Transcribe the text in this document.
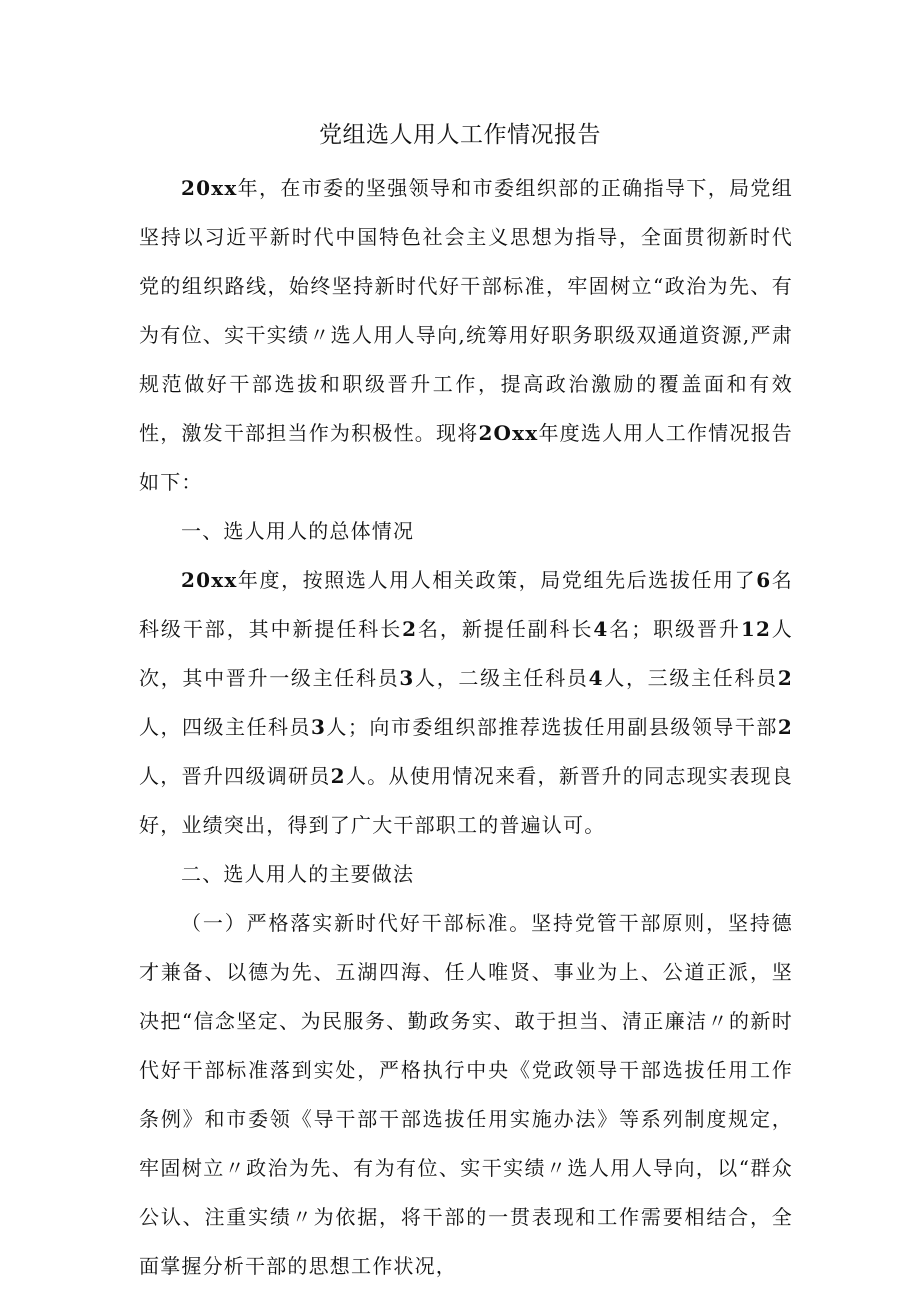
党组选人用人工作情况报告

20xx年，在市委的坚强领导和市委组织部的正确指导下，局党组坚持以习近平新时代中国特色社会主义思想为指导，全面贯彻新时代党的组织路线，始终坚持新时代好干部标准，牢固树立“政治为先、有为有位、实干实绩〃选人用人导向,统筹用好职务职级双通道资源,严肃规范做好干部选拔和职级晋升工作，提高政治激励的覆盖面和有效性，激发干部担当作为积极性。现将2Oxx年度选人用人工作情况报告如下：

一、选人用人的总体情况

20xx年度，按照选人用人相关政策，局党组先后选拔任用了6名科级干部，其中新提任科长2名，新提任副科长4名；职级晋升12人次，其中晋升一级主任科员3人，二级主任科员4人，三级主任科员2人，四级主任科员3人；向市委组织部推荐选拔任用副县级领导干部2人，晋升四级调研员2人。从使用情况来看，新晋升的同志现实表现良好，业绩突出，得到了广大干部职工的普遍认可。

二、选人用人的主要做法

（一）严格落实新时代好干部标准。坚持党管干部原则，坚持德才兼备、以德为先、五湖四海、任人唯贤、事业为上、公道正派，坚决把“信念坚定、为民服务、勤政务实、敢于担当、清正廉洁〃的新时代好干部标准落到实处，严格执行中央《党政领导干部选拔任用工作条例》和市委领《导干部干部选拔任用实施办法》等系列制度规定，牢固树立〃政治为先、有为有位、实干实绩〃选人用人导向，以“群众公认、注重实绩〃为依据，将干部的一贯表现和工作需要相结合，全面掌握分析干部的思想工作状况，
